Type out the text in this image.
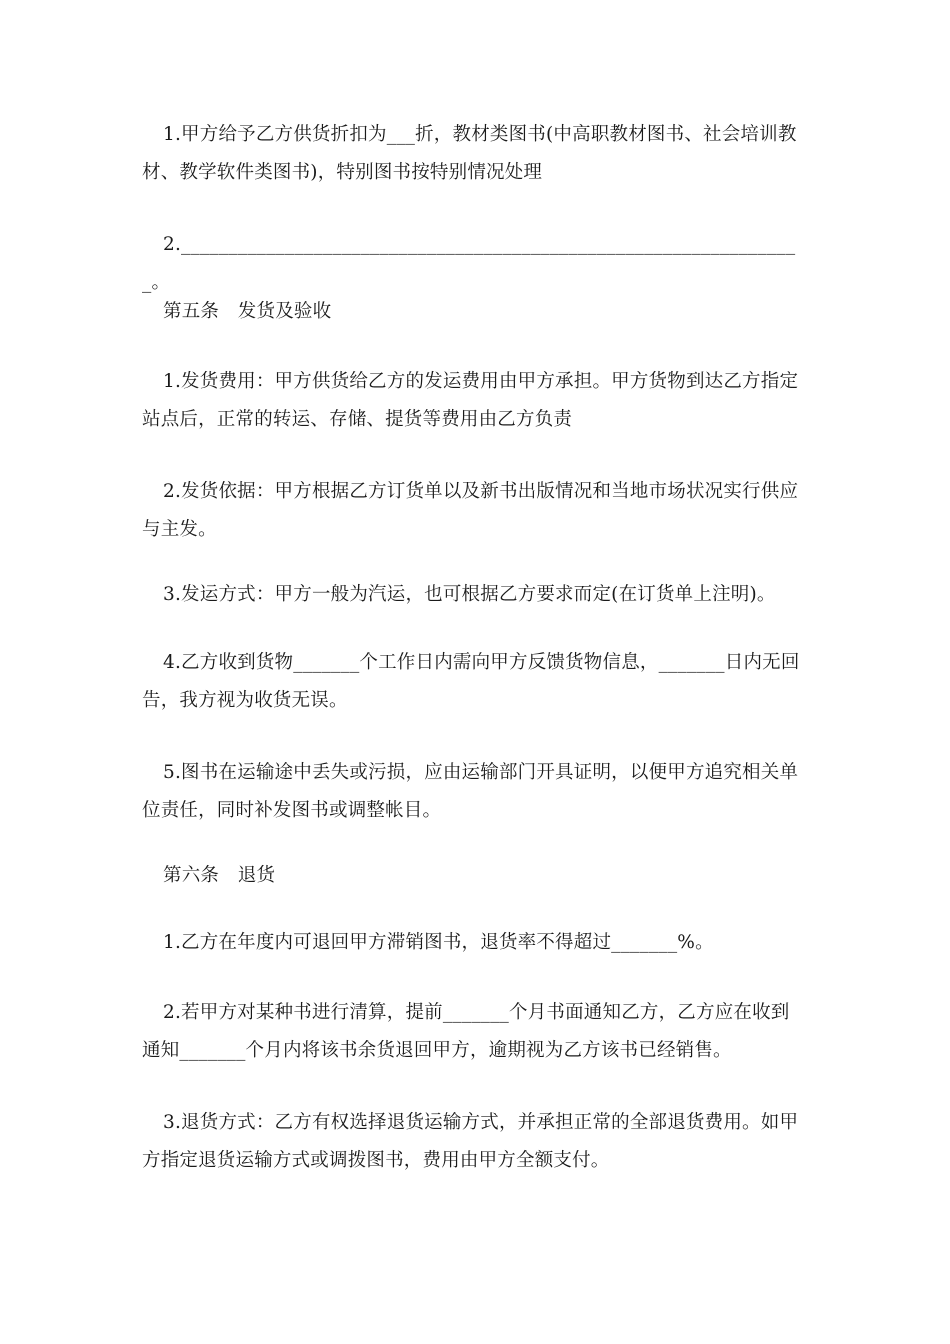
1.甲方给予乙方供货折扣为___折，教材类图书(中高职教材图书、社会培训教材、教学软件类图书)，特别图书按特别情况处理

2.__________________________________________________________________。

第五条　发货及验收

1.发货费用：甲方供货给乙方的发运费用由甲方承担。甲方货物到达乙方指定站点后，正常的转运、存储、提货等费用由乙方负责

2.发货依据：甲方根据乙方订货单以及新书出版情况和当地市场状况实行供应与主发。

3.发运方式：甲方一般为汽运，也可根据乙方要求而定(在订货单上注明)。

4.乙方收到货物_______个工作日内需向甲方反馈货物信息，_______日内无回告，我方视为收货无误。

5.图书在运输途中丢失或污损，应由运输部门开具证明，以便甲方追究相关单位责任，同时补发图书或调整帐目。

第六条　退货

1.乙方在年度内可退回甲方滞销图书，退货率不得超过_______%。

2.若甲方对某种书进行清算，提前_______个月书面通知乙方，乙方应在收到通知_______个月内将该书余货退回甲方，逾期视为乙方该书已经销售。

3.退货方式：乙方有权选择退货运输方式，并承担正常的全部退货费用。如甲方指定退货运输方式或调拨图书，费用由甲方全额支付。
